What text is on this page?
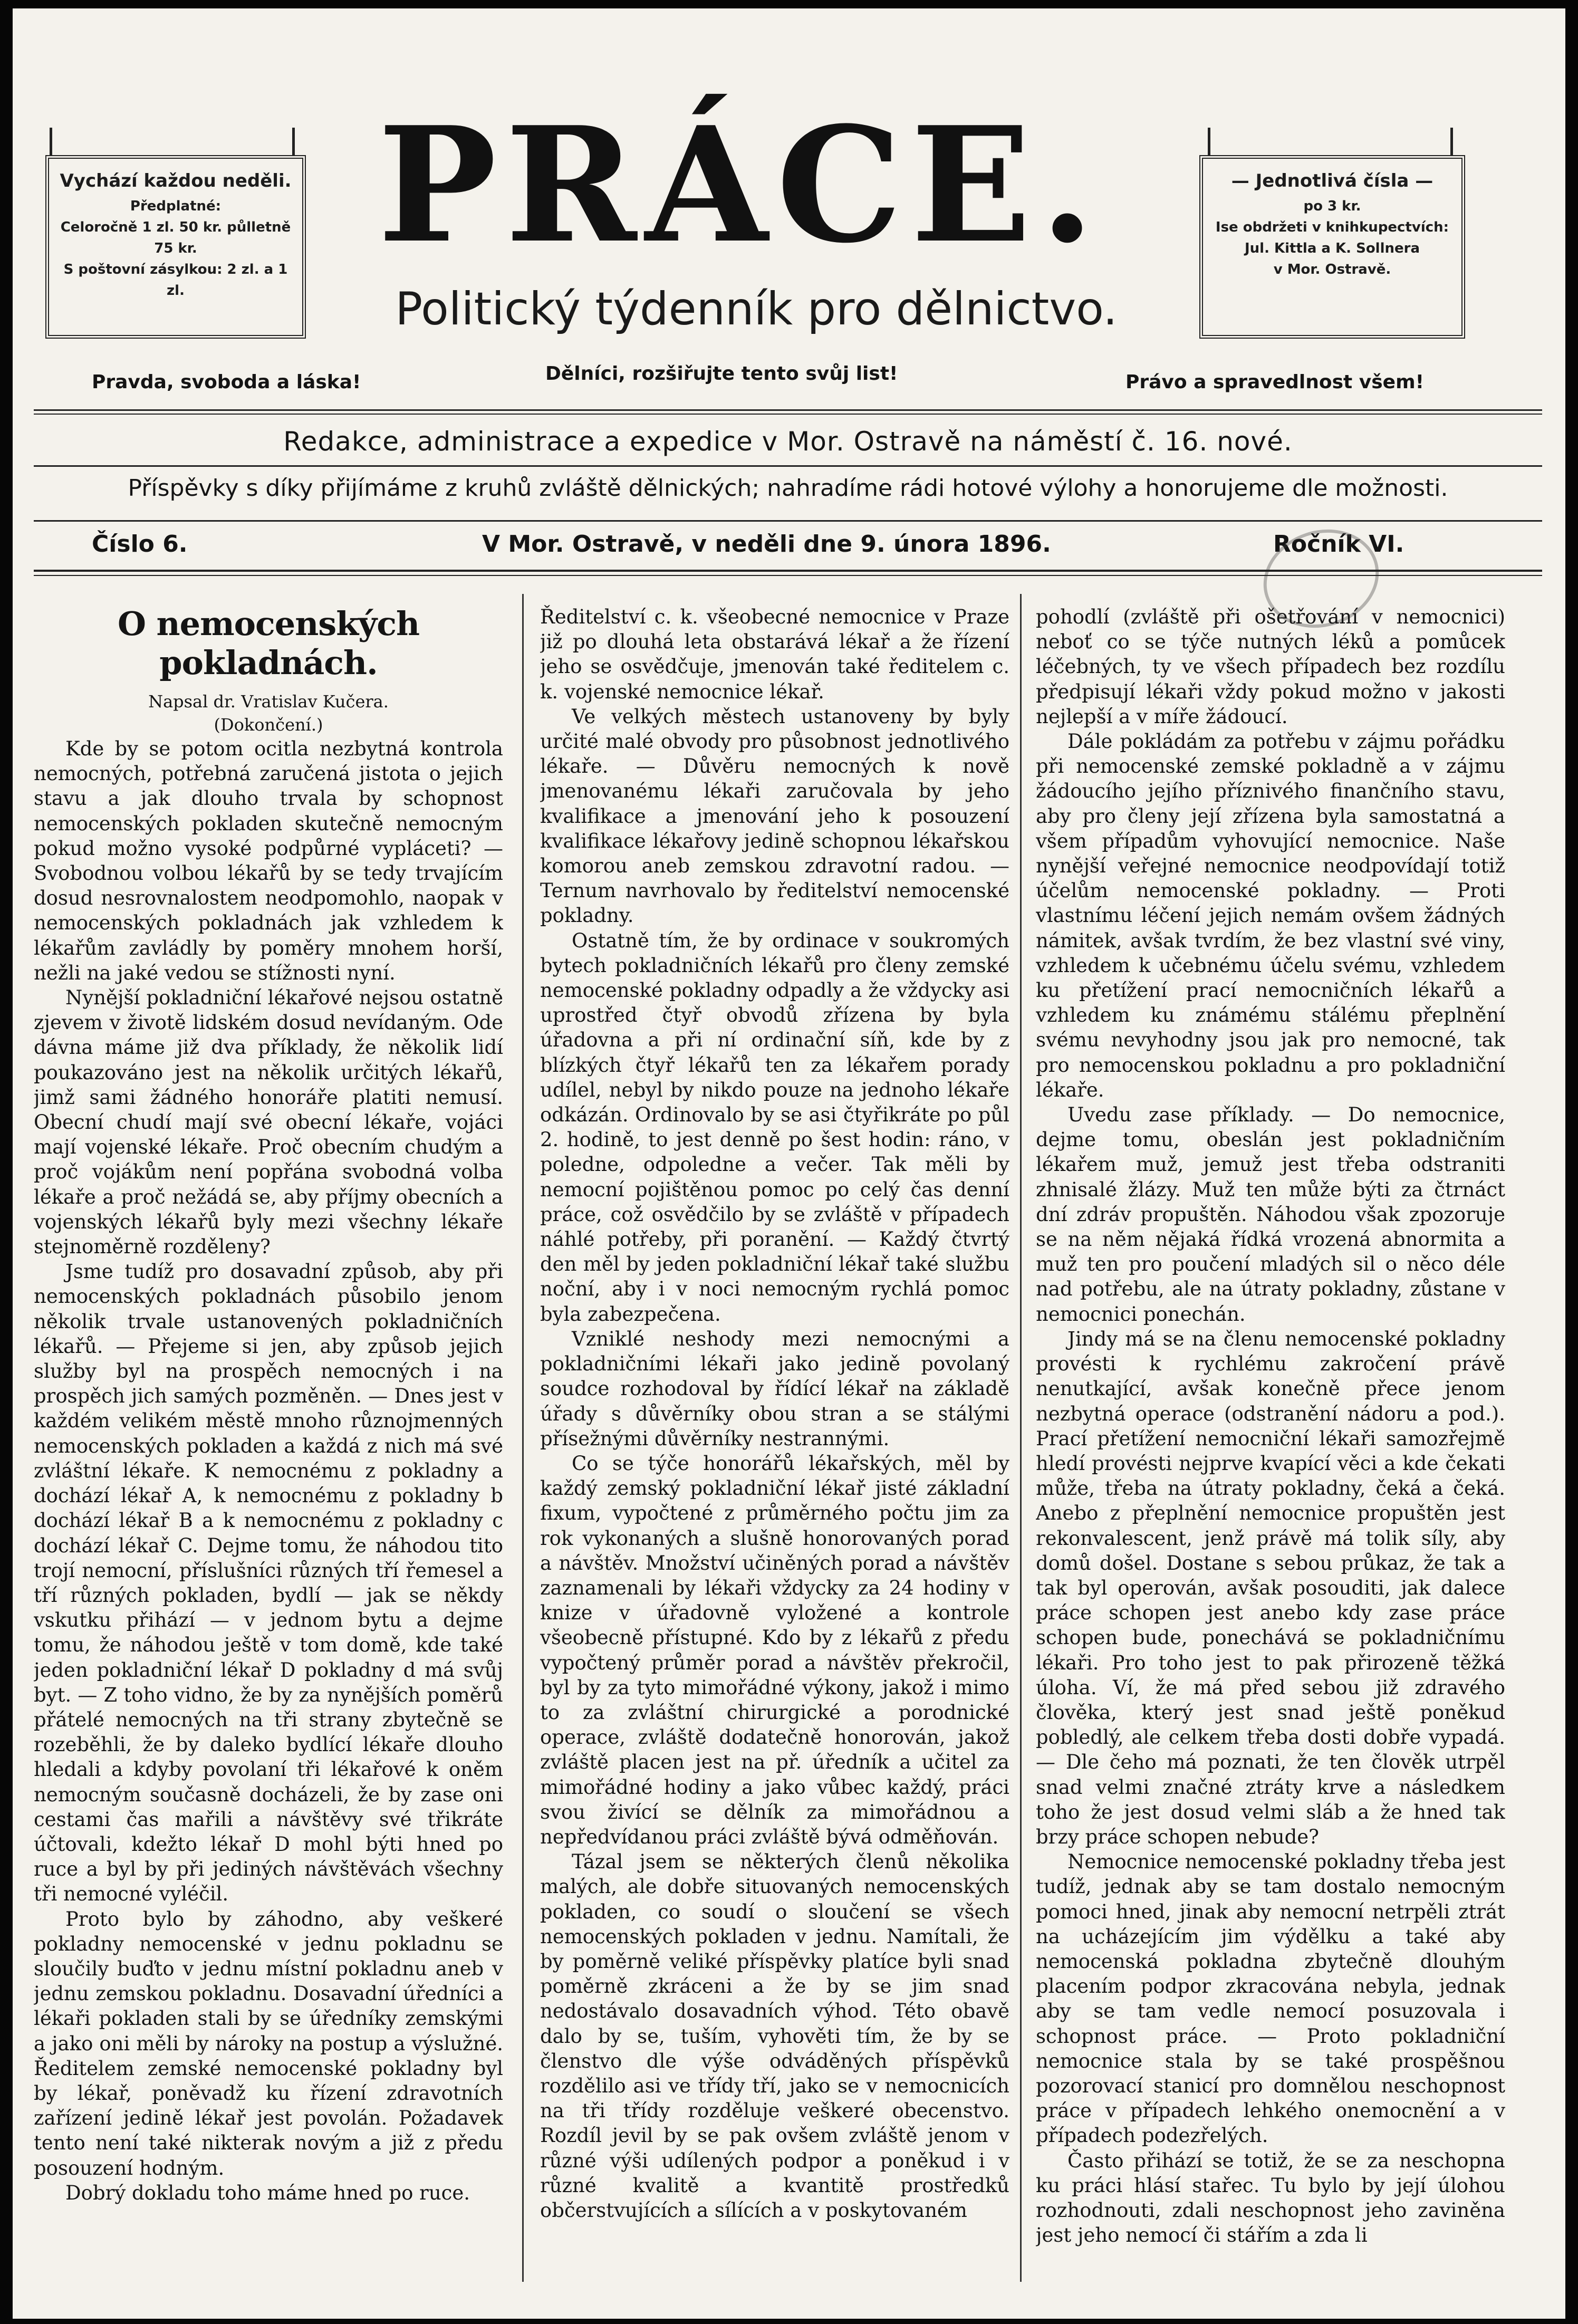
Vychází každou neděli.
Předplatné:
Celoročně 1 zl. 50 kr. půlletně 75 kr.
S poštovní zásylkou: 2 zl. a 1 zl.
PRÁCE.
Politický týdenník pro dělnictvo.
— Jednotlivá čísla —
po 3 kr.
Ise obdržeti v knihkupectvích:
Jul. Kittla a K. Sollnera
v Mor. Ostravě.
Pravda, svoboda a láska!	Dělníci, rozšiřujte tento svůj list!	Právo a spravedlnost všem!
Redakce, administrace a expedice v Mor. Ostravě na náměstí č. 16. nové.
Příspěvky s díky přijímáme z kruhů zvláště dělnických; nahradíme rádi hotové výlohy a honorujeme dle možnosti.
Číslo 6.	V Mor. Ostravě, v neděli dne 9. února 1896.	Ročník VI.
O nemocenských pokladnách.
Napsal dr. Vratislav Kučera.
(Dokončení.)

Kde by se potom ocitla nezbytná kontrola nemocných, potřebná zaručená jistota o jejich stavu a jak dlouho trvala by schopnost nemocenských pokladen skutečně nemocným pokud možno vysoké podpůrné vypláceti? — Svobodnou volbou lékařů by se tedy trvajícím dosud nesrovnalostem neodpomohlo, naopak v nemocenských pokladnách jak vzhledem k lékařům zavládly by poměry mnohem horší, nežli na jaké vedou se stížnosti nyní.

Nynější pokladniční lékařové nejsou ostatně zjevem v životě lidském dosud nevídaným. Ode dávna máme již dva příklady, že několik lidí poukazováno jest na několik určitých lékařů, jimž sami žádného honoráře platiti nemusí. Obecní chudí mají své obecní lékaře, vojáci mají vojenské lékaře. Proč obecním chudým a proč vojákům není popřána svobodná volba lékaře a proč nežádá se, aby příjmy obecních a vojenských lékařů byly mezi všechny lékaře stejnoměrně rozděleny?

Jsme tudíž pro dosavadní způsob, aby při nemocenských pokladnách působilo jenom několik trvale ustanovených pokladničních lékařů. — Přejeme si jen, aby způsob jejich služby byl na prospěch nemocných i na prospěch jich samých pozměněn. — Dnes jest v každém velikém městě mnoho různojmenných nemocenských pokladen a každá z nich má své zvláštní lékaře. K nemocnému z pokladny a dochází lékař A, k nemocnému z pokladny b dochází lékař B a k nemocnému z pokladny c dochází lékař C. Dejme tomu, že náhodou tito trojí nemocní, příslušníci různých tří řemesel a tří různých pokladen, bydlí — jak se někdy vskutku přihází — v jednom bytu a dejme tomu, že náhodou ještě v tom domě, kde také jeden pokladniční lékař D pokladny d má svůj byt. — Z toho vidno, že by za nynějších poměrů přátelé nemocných na tři strany zbytečně se rozeběhli, že by daleko bydlící lékaře dlouho hledali a kdyby povolaní tři lékařové k oněm nemocným současně docházeli, že by zase oni cestami čas mařili a návštěvy své třikráte účtovali, kdežto lékař D mohl býti hned po ruce a byl by při jediných návštěvách všechny tři nemocné vyléčil.

Proto bylo by záhodno, aby veškeré pokladny nemocenské v jednu pokladnu se sloučily buďto v jednu místní pokladnu aneb v jednu zemskou pokladnu. Dosavadní úředníci a lékaři pokladen stali by se úředníky zemskými a jako oni měli by nároky na postup a výslužné. Ředitelem zemské nemocenské pokladny byl by lékař, poněvadž ku řízení zdravotních zařízení jedině lékař jest povolán. Požadavek tento není také nikterak novým a již z předu posouzení hodným.

Dobrý dokladu toho máme hned po ruce.

Ředitelství c. k. všeobecné nemocnice v Praze již po dlouhá leta obstarává lékař a že řízení jeho se osvědčuje, jmenován také ředitelem c. k. vojenské nemocnice lékař.

Ve velkých městech ustanoveny by byly určité malé obvody pro působnost jednotlivého lékaře. — Důvěru nemocných k nově jmenovanému lékaři zaručovala by jeho kvalifikace a jmenování jeho k posouzení kvalifikace lékařovy jedině schopnou lékařskou komorou aneb zemskou zdravotní radou. — Ternum navrhovalo by ředitelství nemocenské pokladny.

Ostatně tím, že by ordinace v soukromých bytech pokladničních lékařů pro členy zemské nemocenské pokladny odpadly a že vždycky asi uprostřed čtyř obvodů zřízena by byla úřadovna a při ní ordinační síň, kde by z blízkých čtyř lékařů ten za lékařem porady udílel, nebyl by nikdo pouze na jednoho lékaře odkázán. Ordinovalo by se asi čtyřikráte po půl 2. hodině, to jest denně po šest hodin: ráno, v poledne, odpoledne a večer. Tak měli by nemocní pojištěnou pomoc po celý čas denní práce, což osvědčilo by se zvláště v případech náhlé potřeby, při poranění. — Každý čtvrtý den měl by jeden pokladniční lékař také službu noční, aby i v noci nemocným rychlá pomoc byla zabezpečena.

Vzniklé neshody mezi nemocnými a pokladničními lékaři jako jedině povolaný soudce rozhodoval by řídící lékař na základě úřady s důvěrníky obou stran a se stálými přísežnými důvěrníky nestrannými.

Co se týče honorářů lékařských, měl by každý zemský pokladniční lékař jisté základní fixum, vypočtené z průměrného počtu jim za rok vykonaných a slušně honorovaných porad a návštěv. Množství učiněných porad a návštěv zaznamenali by lékaři vždycky za 24 hodiny v knize v úřadovně vyložené a kontrole všeobecně přístupné. Kdo by z lékařů z předu vypočtený průměr porad a návštěv překročil, byl by za tyto mimořádné výkony, jakož i mimo to za zvláštní chirurgické a porodnické operace, zvláště dodatečně honorován, jakož zvláště placen jest na př. úředník a učitel za mimořádné hodiny a jako vůbec každý, práci svou živící se dělník za mimořádnou a nepředvídanou práci zvláště bývá odměňován.

Tázal jsem se některých členů několika malých, ale dobře situovaných nemocenských pokladen, co soudí o sloučení se všech nemocenských pokladen v jednu. Namítali, že by poměrně veliké příspěvky platíce byli snad poměrně zkráceni a že by se jim snad nedostávalo dosavadních výhod. Této obavě dalo by se, tuším, vyhověti tím, že by se členstvo dle výše odváděných příspěvků rozdělilo asi ve třídy tří, jako se v nemocnicích na tři třídy rozděluje veškeré obecenstvo. Rozdíl jevil by se pak ovšem zvláště jenom v různé výši udílených podpor a poněkud i v různé kvalitě a kvantitě prostředků občerstvujících a sílících a v poskytovaném

pohodlí (zvláště při ošetřování v nemocnici) neboť co se týče nutných léků a pomůcek léčebných, ty ve všech případech bez rozdílu předpisují lékaři vždy pokud možno v jakosti nejlepší a v míře žádoucí.

Dále pokládám za potřebu v zájmu pořádku při nemocenské zemské pokladně a v zájmu žádoucího jejího příznivého finančního stavu, aby pro členy její zřízena byla samostatná a všem případům vyhovující nemocnice. Naše nynější veřejné nemocnice neodpovídají totiž účelům nemocenské pokladny. — Proti vlastnímu léčení jejich nemám ovšem žádných námitek, avšak tvrdím, že bez vlastní své viny, vzhledem k učebnému účelu svému, vzhledem ku přetížení prací nemocničních lékařů a vzhledem ku známému stálému přeplnění svému nevyhodny jsou jak pro nemocné, tak pro nemocenskou pokladnu a pro pokladniční lékaře.

Uvedu zase příklady. — Do nemocnice, dejme tomu, obeslán jest pokladničním lékařem muž, jemuž jest třeba odstraniti zhnisalé žlázy. Muž ten může býti za čtrnáct dní zdráv propuštěn. Náhodou však zpozoruje se na něm nějaká řídká vrozená abnormita a muž ten pro poučení mladých sil o něco déle nad potřebu, ale na útraty pokladny, zůstane v nemocnici ponechán.

Jindy má se na členu nemocenské pokladny provésti k rychlému zakročení právě nenutkající, avšak konečně přece jenom nezbytná operace (odstranění nádoru a pod.). Prací přetížení nemocniční lékaři samozřejmě hledí provésti nejprve kvapící věci a kde čekati může, třeba na útraty pokladny, čeká a čeká. Anebo z přeplnění nemocnice propuštěn jest rekonvalescent, jenž právě má tolik síly, aby domů došel. Dostane s sebou průkaz, že tak a tak byl operován, avšak posouditi, jak dalece práce schopen jest anebo kdy zase práce schopen bude, ponechává se pokladničnímu lékaři. Pro toho jest to pak přirozeně těžká úloha. Ví, že má před sebou již zdravého člověka, který jest snad ještě poněkud pobledlý, ale celkem třeba dosti dobře vypadá. — Dle čeho má poznati, že ten člověk utrpěl snad velmi značné ztráty krve a následkem toho že jest dosud velmi sláb a že hned tak brzy práce schopen nebude?

Nemocnice nemocenské pokladny třeba jest tudíž, jednak aby se tam dostalo nemocným pomoci hned, jinak aby nemocní netrpěli ztrát na ucházejícím jim výdělku a také aby nemocenská pokladna zbytečně dlouhým placením podpor zkracována nebyla, jednak aby se tam vedle nemocí posuzovala i schopnost práce. — Proto pokladniční nemocnice stala by se také prospěšnou pozorovací stanicí pro domnělou neschopnost práce v případech lehkého onemocnění a v případech podezřelých.

Často přihází se totiž, že se za neschopna ku práci hlásí stařec. Tu bylo by její úlohou rozhodnouti, zdali neschopnost jeho zaviněna jest jeho nemocí či stářím a zda li
